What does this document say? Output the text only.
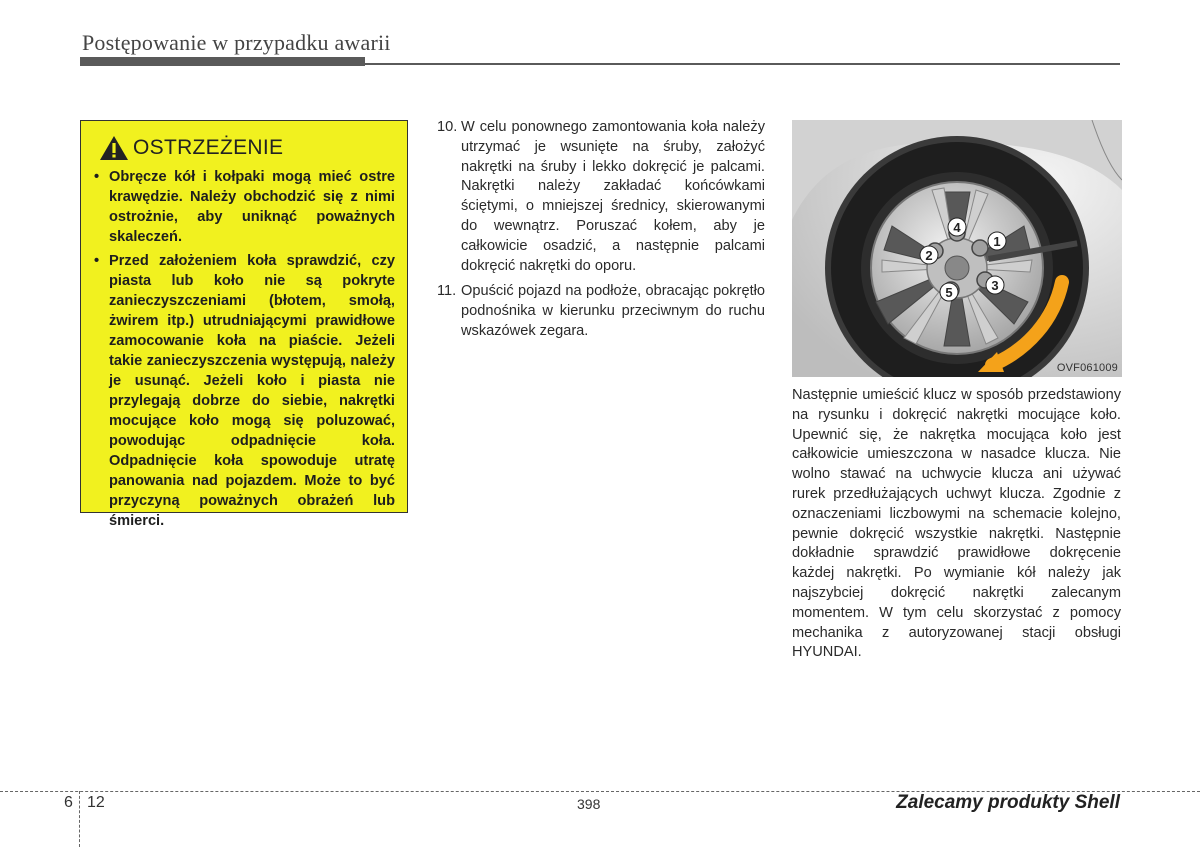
Postępowanie w przypadku awarii
OSTRZEŻENIE
• Obręcze kół i kołpaki mogą mieć ostre krawędzie. Należy obchodzić się z nimi ostrożnie, aby uniknąć poważnych skaleczeń.
• Przed założeniem koła sprawdzić, czy piasta lub koło nie są pokryte zanieczyszczeniami (błotem, smołą, żwirem itp.) utrudniającymi prawidłowe zamocowanie koła na piaście. Jeżeli takie zanieczyszczenia występują, należy je usunąć. Jeżeli koło i piasta nie przylegają dobrze do siebie, nakrętki mocujące koło mogą się poluzować, powodując odpadnięcie koła. Odpadnięcie koła spowoduje utratę panowania nad pojazdem. Może to być przyczyną poważnych obrażeń lub śmierci.
10. W celu ponownego zamontowania koła należy utrzymać je wsunięte na śruby, założyć nakrętki na śruby i lekko dokręcić je palcami. Nakrętki należy zakładać końcówkami ściętymi, o mniejszej średnicy, skierowanymi do wewnątrz. Poruszać kołem, aby je całkowicie osadzić, a następnie palcami dokręcić nakrętki do oporu.
11. Opuścić pojazd na podłoże, obracając pokrętło podnośnika w kierunku przeciwnym do ruchu wskazówek zegara.
1
2
3
4
5
OVF061009
Następnie umieścić klucz w sposób przedstawiony na rysunku i dokręcić nakrętki mocujące koło. Upewnić się, że nakrętka mocująca koło jest całkowicie umieszczona w nasadce klucza. Nie wolno stawać na uchwycie klucza ani używać rurek przedłużających uchwyt klucza. Zgodnie z oznaczeniami liczbowymi na schemacie kolejno, pewnie dokręcić wszystkie nakrętki. Następnie dokładnie sprawdzić prawidłowe dokręcenie każdej nakrętki. Po wymianie kół należy jak najszybciej dokręcić nakrętki zalecanym momentem. W tym celu skorzystać z pomocy mechanika z autoryzowanej stacji obsługi HYUNDAI.
6 12	398	Zalecamy produkty Shell
